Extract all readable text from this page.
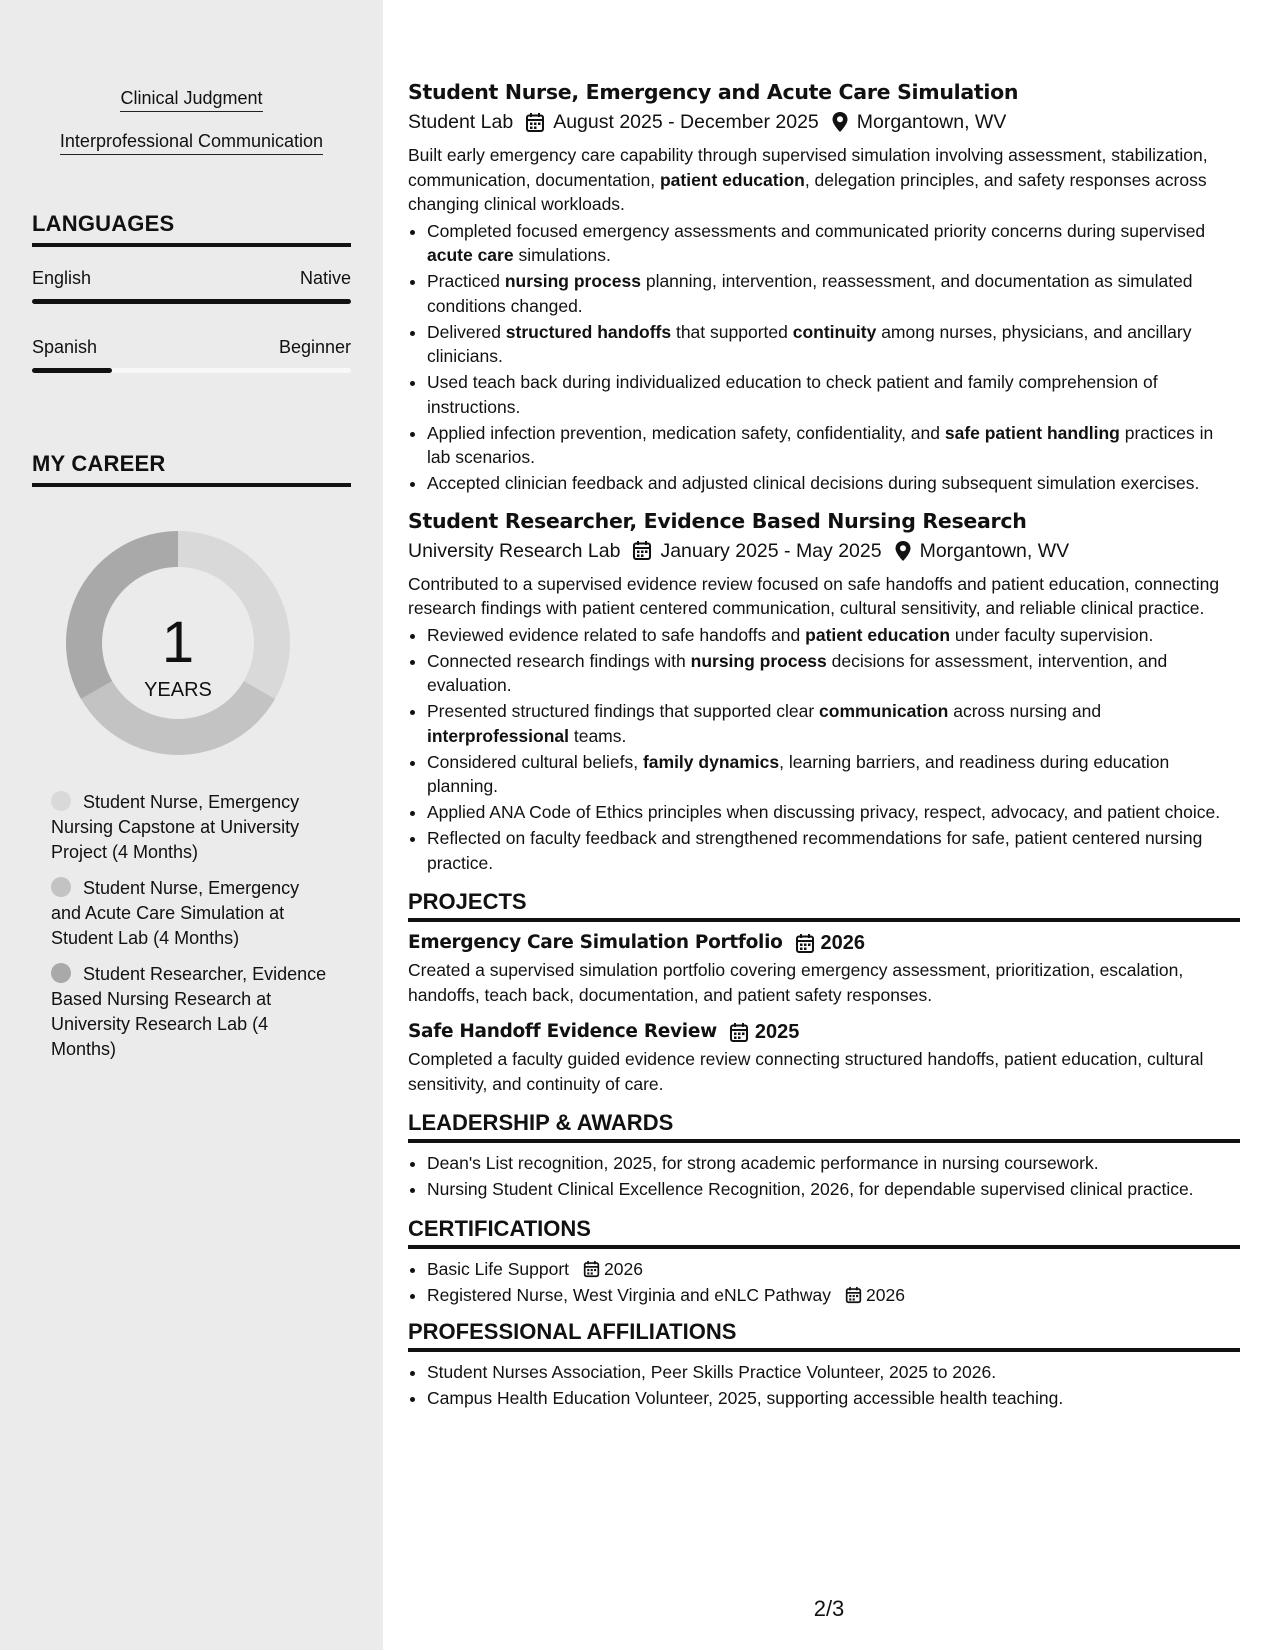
Clinical Judgment
Interprofessional Communication
LANGUAGES
English	Native
Spanish	Beginner
MY CAREER
1
YEARS
Student Nurse, Emergency Nursing Capstone at University Project (4 Months)
Student Nurse, Emergency and Acute Care Simulation at Student Lab (4 Months)
Student Researcher, Evidence Based Nursing Research at University Research Lab (4 Months)
Student Nurse, Emergency and Acute Care Simulation
Student Lab August 2025 - December 2025 Morgantown, WV

Built early emergency care capability through supervised simulation involving assessment, stabilization, communication, documentation, patient education, delegation principles, and safety responses across changing clinical workloads.

• Completed focused emergency assessments and communicated priority concerns during supervised acute care simulations.
• Practiced nursing process planning, intervention, reassessment, and documentation as simulated conditions changed.
• Delivered structured handoffs that supported continuity among nurses, physicians, and ancillary clinicians.
• Used teach back during individualized education to check patient and family comprehension of instructions.
• Applied infection prevention, medication safety, confidentiality, and safe patient handling practices in lab scenarios.
• Accepted clinician feedback and adjusted clinical decisions during subsequent simulation exercises.
Student Researcher, Evidence Based Nursing Research
University Research Lab January 2025 - May 2025 Morgantown, WV

Contributed to a supervised evidence review focused on safe handoffs and patient education, connecting research findings with patient centered communication, cultural sensitivity, and reliable clinical practice.

• Reviewed evidence related to safe handoffs and patient education under faculty supervision.
• Connected research findings with nursing process decisions for assessment, intervention, and evaluation.
• Presented structured findings that supported clear communication across nursing and interprofessional teams.
• Considered cultural beliefs, family dynamics, learning barriers, and readiness during education planning.
• Applied ANA Code of Ethics principles when discussing privacy, respect, advocacy, and patient choice.
• Reflected on faculty feedback and strengthened recommendations for safe, patient centered nursing practice.
PROJECTS
Emergency Care Simulation Portfolio 2026

Created a supervised simulation portfolio covering emergency assessment, prioritization, escalation, handoffs, teach back, documentation, and patient safety responses.

Safe Handoff Evidence Review 2025

Completed a faculty guided evidence review connecting structured handoffs, patient education, cultural sensitivity, and continuity of care.

LEADERSHIP & AWARDS
• Dean's List recognition, 2025, for strong academic performance in nursing coursework.
• Nursing Student Clinical Excellence Recognition, 2026, for dependable supervised clinical practice.
CERTIFICATIONS
• Basic Life Support 2026
• Registered Nurse, West Virginia and eNLC Pathway 2026
PROFESSIONAL AFFILIATIONS
• Student Nurses Association, Peer Skills Practice Volunteer, 2025 to 2026.
• Campus Health Education Volunteer, 2025, supporting accessible health teaching.
2/3
